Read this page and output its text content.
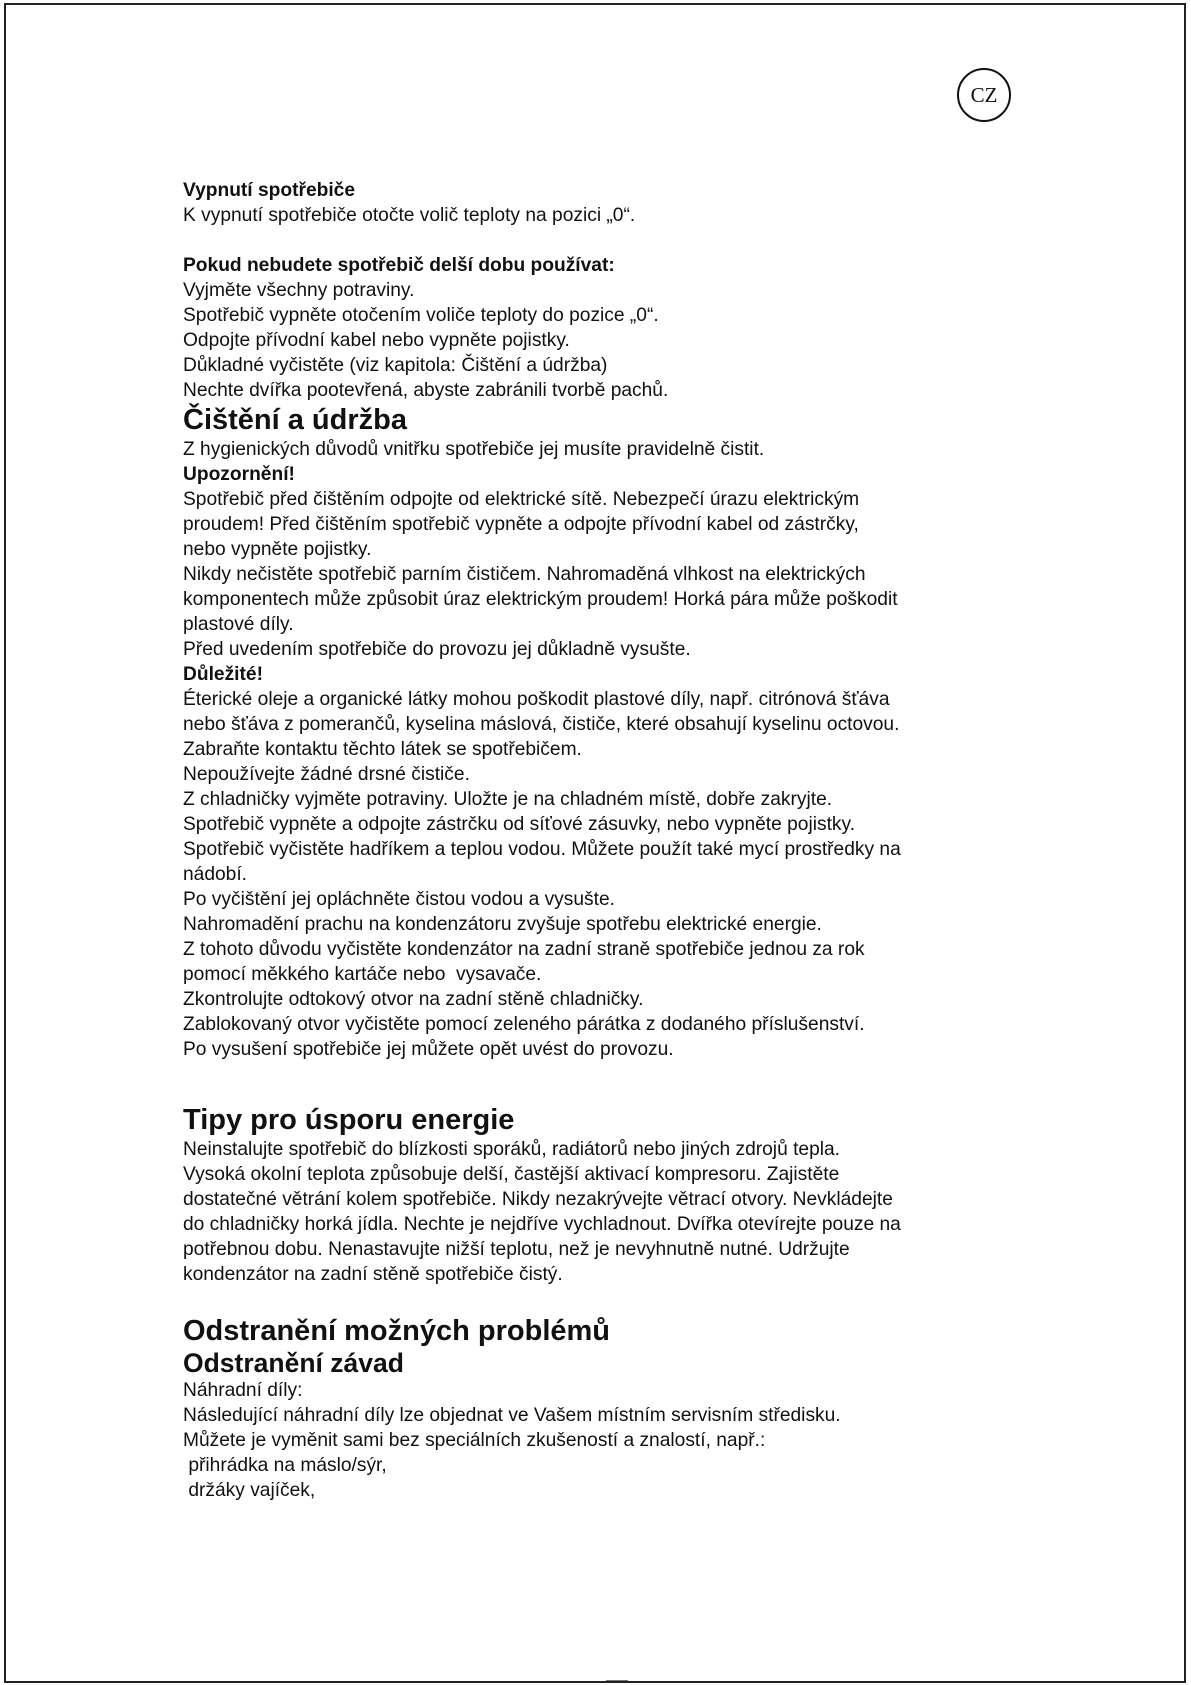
CZ

Vypnutí spotřebiče

K vypnutí spotřebiče otočte volič teploty na pozici „0“.

Pokud nebudete spotřebič delší dobu používat:

Vyjměte všechny potraviny.

Spotřebič vypněte otočením voliče teploty do pozice „0“.

Odpojte přívodní kabel nebo vypněte pojistky.

Důkladné vyčistěte (viz kapitola: Čištění a údržba)

Nechte dvířka pootevřená, abyste zabránili tvorbě pachů.

Čištění a údržba

Z hygienických důvodů vnitřku spotřebiče jej musíte pravidelně čistit.

Upozornění!

Spotřebič před čištěním odpojte od elektrické sítě. Nebezpečí úrazu elektrickým

proudem! Před čištěním spotřebič vypněte a odpojte přívodní kabel od zástrčky,

nebo vypněte pojistky.

Nikdy nečistěte spotřebič parním čističem. Nahromaděná vlhkost na elektrických

komponentech může způsobit úraz elektrickým proudem! Horká pára může poškodit

plastové díly.

Před uvedením spotřebiče do provozu jej důkladně vysušte.

Důležité!

Éterické oleje a organické látky mohou poškodit plastové díly, např. citrónová šťáva

nebo šťáva z pomerančů, kyselina máslová, čističe, které obsahují kyselinu octovou.

Zabraňte kontaktu těchto látek se spotřebičem.

Nepoužívejte žádné drsné čističe.

Z chladničky vyjměte potraviny. Uložte je na chladném místě, dobře zakryjte.

Spotřebič vypněte a odpojte zástrčku od síťové zásuvky, nebo vypněte pojistky.

Spotřebič vyčistěte hadříkem a teplou vodou. Můžete použít také mycí prostředky na

nádobí.

Po vyčištění jej opláchněte čistou vodou a vysušte.

Nahromadění prachu na kondenzátoru zvyšuje spotřebu elektrické energie.

Z tohoto důvodu vyčistěte kondenzátor na zadní straně spotřebiče jednou za rok

pomocí měkkého kartáče nebo  vysavače.

Zkontrolujte odtokový otvor na zadní stěně chladničky.

Zablokovaný otvor vyčistěte pomocí zeleného párátka z dodaného příslušenství.

Po vysušení spotřebiče jej můžete opět uvést do provozu.

Tipy pro úsporu energie

Neinstalujte spotřebič do blízkosti sporáků, radiátorů nebo jiných zdrojů tepla.

Vysoká okolní teplota způsobuje delší, častější aktivací kompresoru. Zajistěte

dostatečné větrání kolem spotřebiče. Nikdy nezakrývejte větrací otvory. Nevkládejte

do chladničky horká jídla. Nechte je nejdříve vychladnout. Dvířka otevírejte pouze na

potřebnou dobu. Nenastavujte nižší teplotu, než je nevyhnutně nutné. Udržujte

kondenzátor na zadní stěně spotřebiče čistý.

Odstranění možných problémů
Odstranění závad

Náhradní díly:

Následující náhradní díly lze objednat ve Vašem místním servisním středisku.

Můžete je vyměnit sami bez speciálních zkušeností a znalostí, např.:

přihrádka na máslo/sýr,

držáky vajíček,
